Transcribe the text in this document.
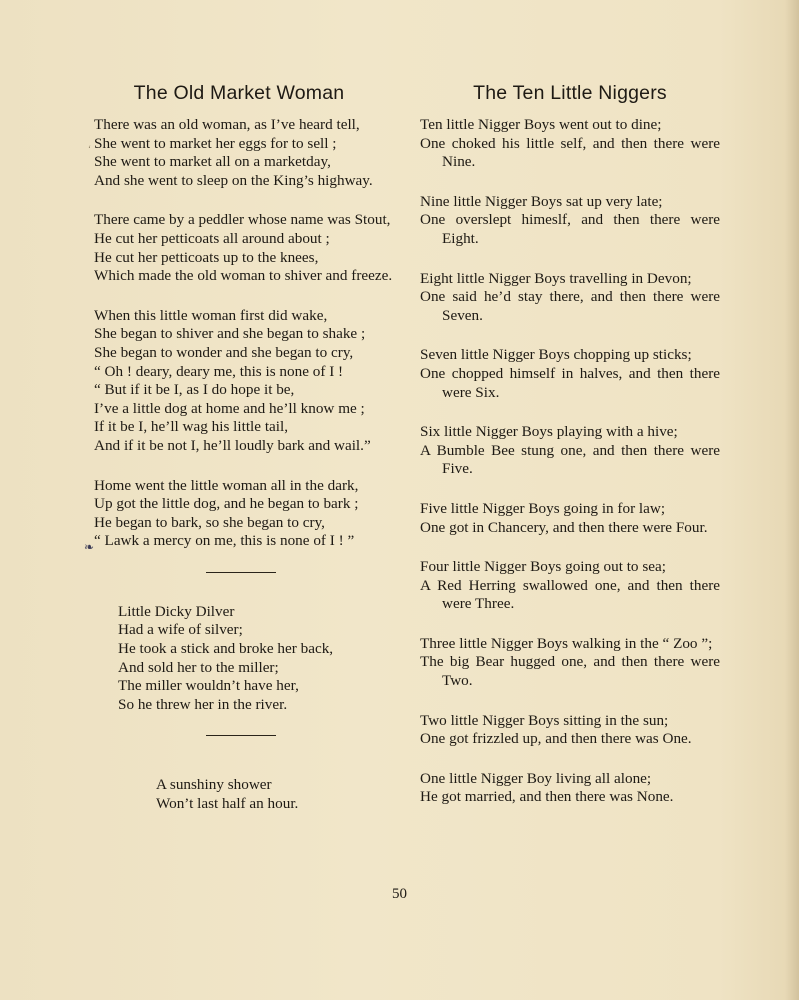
‘
❧
The Old Market Woman
There was an old woman, as I’ve heard tell,
She went to market her eggs for to sell ;
She went to market all on a marketday,
And she went to sleep on the King’s highway.
There came by a peddler whose name was Stout,
He cut her petticoats all around about ;
He cut her petticoats up to the knees,
Which made the old woman to shiver and freeze.
When this little woman first did wake,
She began to shiver and she began to shake ;
She began to wonder and she began to cry,
“ Oh ! deary, deary me, this is none of I !
“ But if it be I, as I do hope it be,
I’ve a little dog at home and he’ll know me ;
If it be I, he’ll wag his little tail,
And if it be not I, he’ll loudly bark and wail.”
Home went the little woman all in the dark,
Up got the little dog, and he began to bark ;
He began to bark, so she began to cry,
“ Lawk a mercy on me, this is none of I ! ”
Little Dicky Dilver
Had a wife of silver;
He took a stick and broke her back,
And sold her to the miller;
The miller wouldn’t have her,
So he threw her in the river.
A sunshiny shower
Won’t last half an hour.
The Ten Little Niggers
Ten little Nigger Boys went out to dine;
One choked his little self, and then there were Nine.
Nine little Nigger Boys sat up very late;
One overslept himeslf, and then there were Eight.
Eight little Nigger Boys travelling in Devon;
One said he’d stay there, and then there were Seven.
Seven little Nigger Boys chopping up sticks;
One chopped himself in halves, and then there were Six.
Six little Nigger Boys playing with a hive;
A Bumble Bee stung one, and then there were Five.
Five little Nigger Boys going in for law;
One got in Chancery, and then there were Four.
Four little Nigger Boys going out to sea;
A Red Herring swallowed one, and then there were Three.
Three little Nigger Boys walking in the “ Zoo ”;
The big Bear hugged one, and then there were Two.
Two little Nigger Boys sitting in the sun;
One got frizzled up, and then there was One.
One little Nigger Boy living all alone;
He got married, and then there was None.
50
